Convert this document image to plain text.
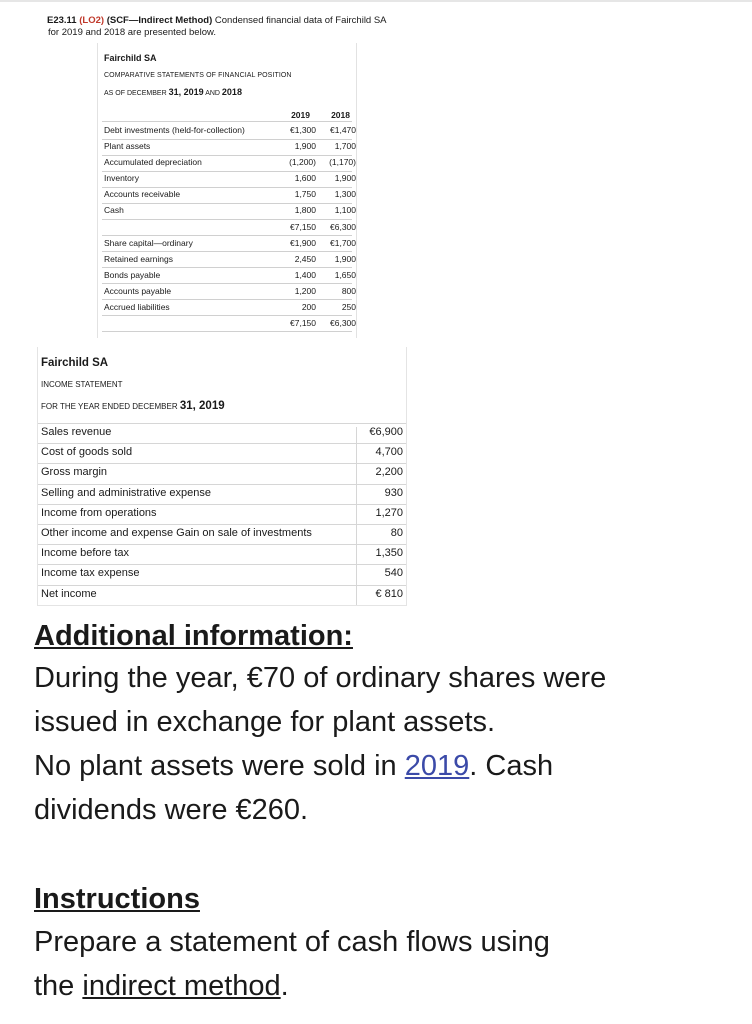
E23.11 (LO2) (SCF—Indirect Method) Condensed financial data of Fairchild SA
for 2019 and 2018 are presented below.
Fairchild SA
COMPARATIVE STATEMENTS OF FINANCIAL POSITION
AS OF DECEMBER 31, 2019 AND 2018
2019	2018
Debt investments (held-for-collection)	€1,300	€1,470
Plant assets	1,900	1,700
Accumulated depreciation	(1,200)	(1,170)
Inventory	1,600	1,900
Accounts receivable	1,750	1,300
Cash	1,800	1,100
€7,150	€6,300
Share capital—ordinary	€1,900	€1,700
Retained earnings	2,450	1,900
Bonds payable	1,400	1,650
Accounts payable	1,200	800
Accrued liabilities	200	250
€7,150	€6,300
Fairchild SA
INCOME STATEMENT
FOR THE YEAR ENDED DECEMBER 31, 2019
Sales revenue	€6,900
Cost of goods sold	4,700
Gross margin	2,200
Selling and administrative expense	930
Income from operations	1,270
Other income and expense Gain on sale of investments	80
Income before tax	1,350
Income tax expense	540
Net income	€ 810
Additional information:

During the year, €70 of ordinary shares were

issued in exchange for plant assets.

No plant assets were sold in 2019. Cash

dividends were €260.

Instructions

Prepare a statement of cash flows using

the indirect method.
